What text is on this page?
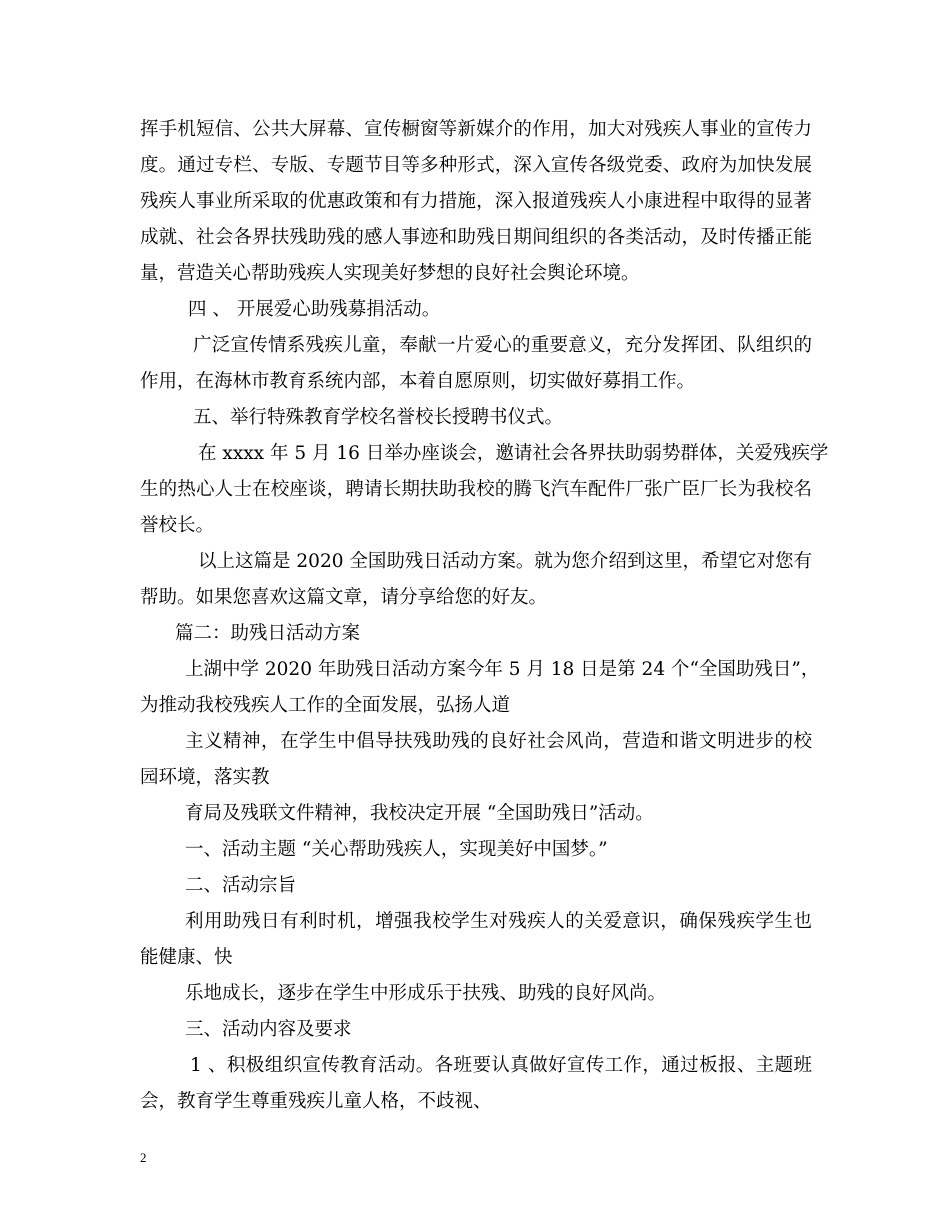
挥手机短信、公共大屏幕、宣传橱窗等新媒介的作用，加大对残疾人事业的宣传力
度。通过专栏、专版、专题节目等多种形式，深入宣传各级党委、政府为加快发展
残疾人事业所采取的优惠政策和有力措施，深入报道残疾人小康进程中取得的显著
成就、社会各界扶残助残的感人事迹和助残日期间组织的各类活动，及时传播正能
量，营造关心帮助残疾人实现美好梦想的良好社会舆论环境。
四 、 开展爱心助残募捐活动。
广泛宣传情系残疾儿童，奉献一片爱心的重要意义，充分发挥团、队组织的
作用，在海林市教育系统内部，本着自愿原则，切实做好募捐工作。
五、举行特殊教育学校名誉校长授聘书仪式。
在 xxxx 年 5 月 16 日举办座谈会，邀请社会各界扶助弱势群体，关爱残疾学
生的热心人士在校座谈，聘请长期扶助我校的腾飞汽车配件厂张广臣厂长为我校名
誉校长。
以上这篇是 2020 全国助残日活动方案。就为您介绍到这里，希望它对您有
帮助。如果您喜欢这篇文章，请分享给您的好友。
篇二：助残日活动方案
上湖中学 2020 年助残日活动方案今年 5 月 18 日是第 24 个“全国助残日”，
为推动我校残疾人工作的全面发展，弘扬人道
主义精神，在学生中倡导扶残助残的良好社会风尚，营造和谐文明进步的校
园环境，落实教
育局及残联文件精神，我校决定开展 “全国助残日”活动。
一、活动主题 “关心帮助残疾人，实现美好中国梦。”
二、活动宗旨
利用助残日有利时机，增强我校学生对残疾人的关爱意识，确保残疾学生也
能健康、快
乐地成长，逐步在学生中形成乐于扶残、助残的良好风尚。
三、活动内容及要求
1 、积极组织宣传教育活动。各班要认真做好宣传工作，通过板报、主题班
会，教育学生尊重残疾儿童人格，不歧视、
2
